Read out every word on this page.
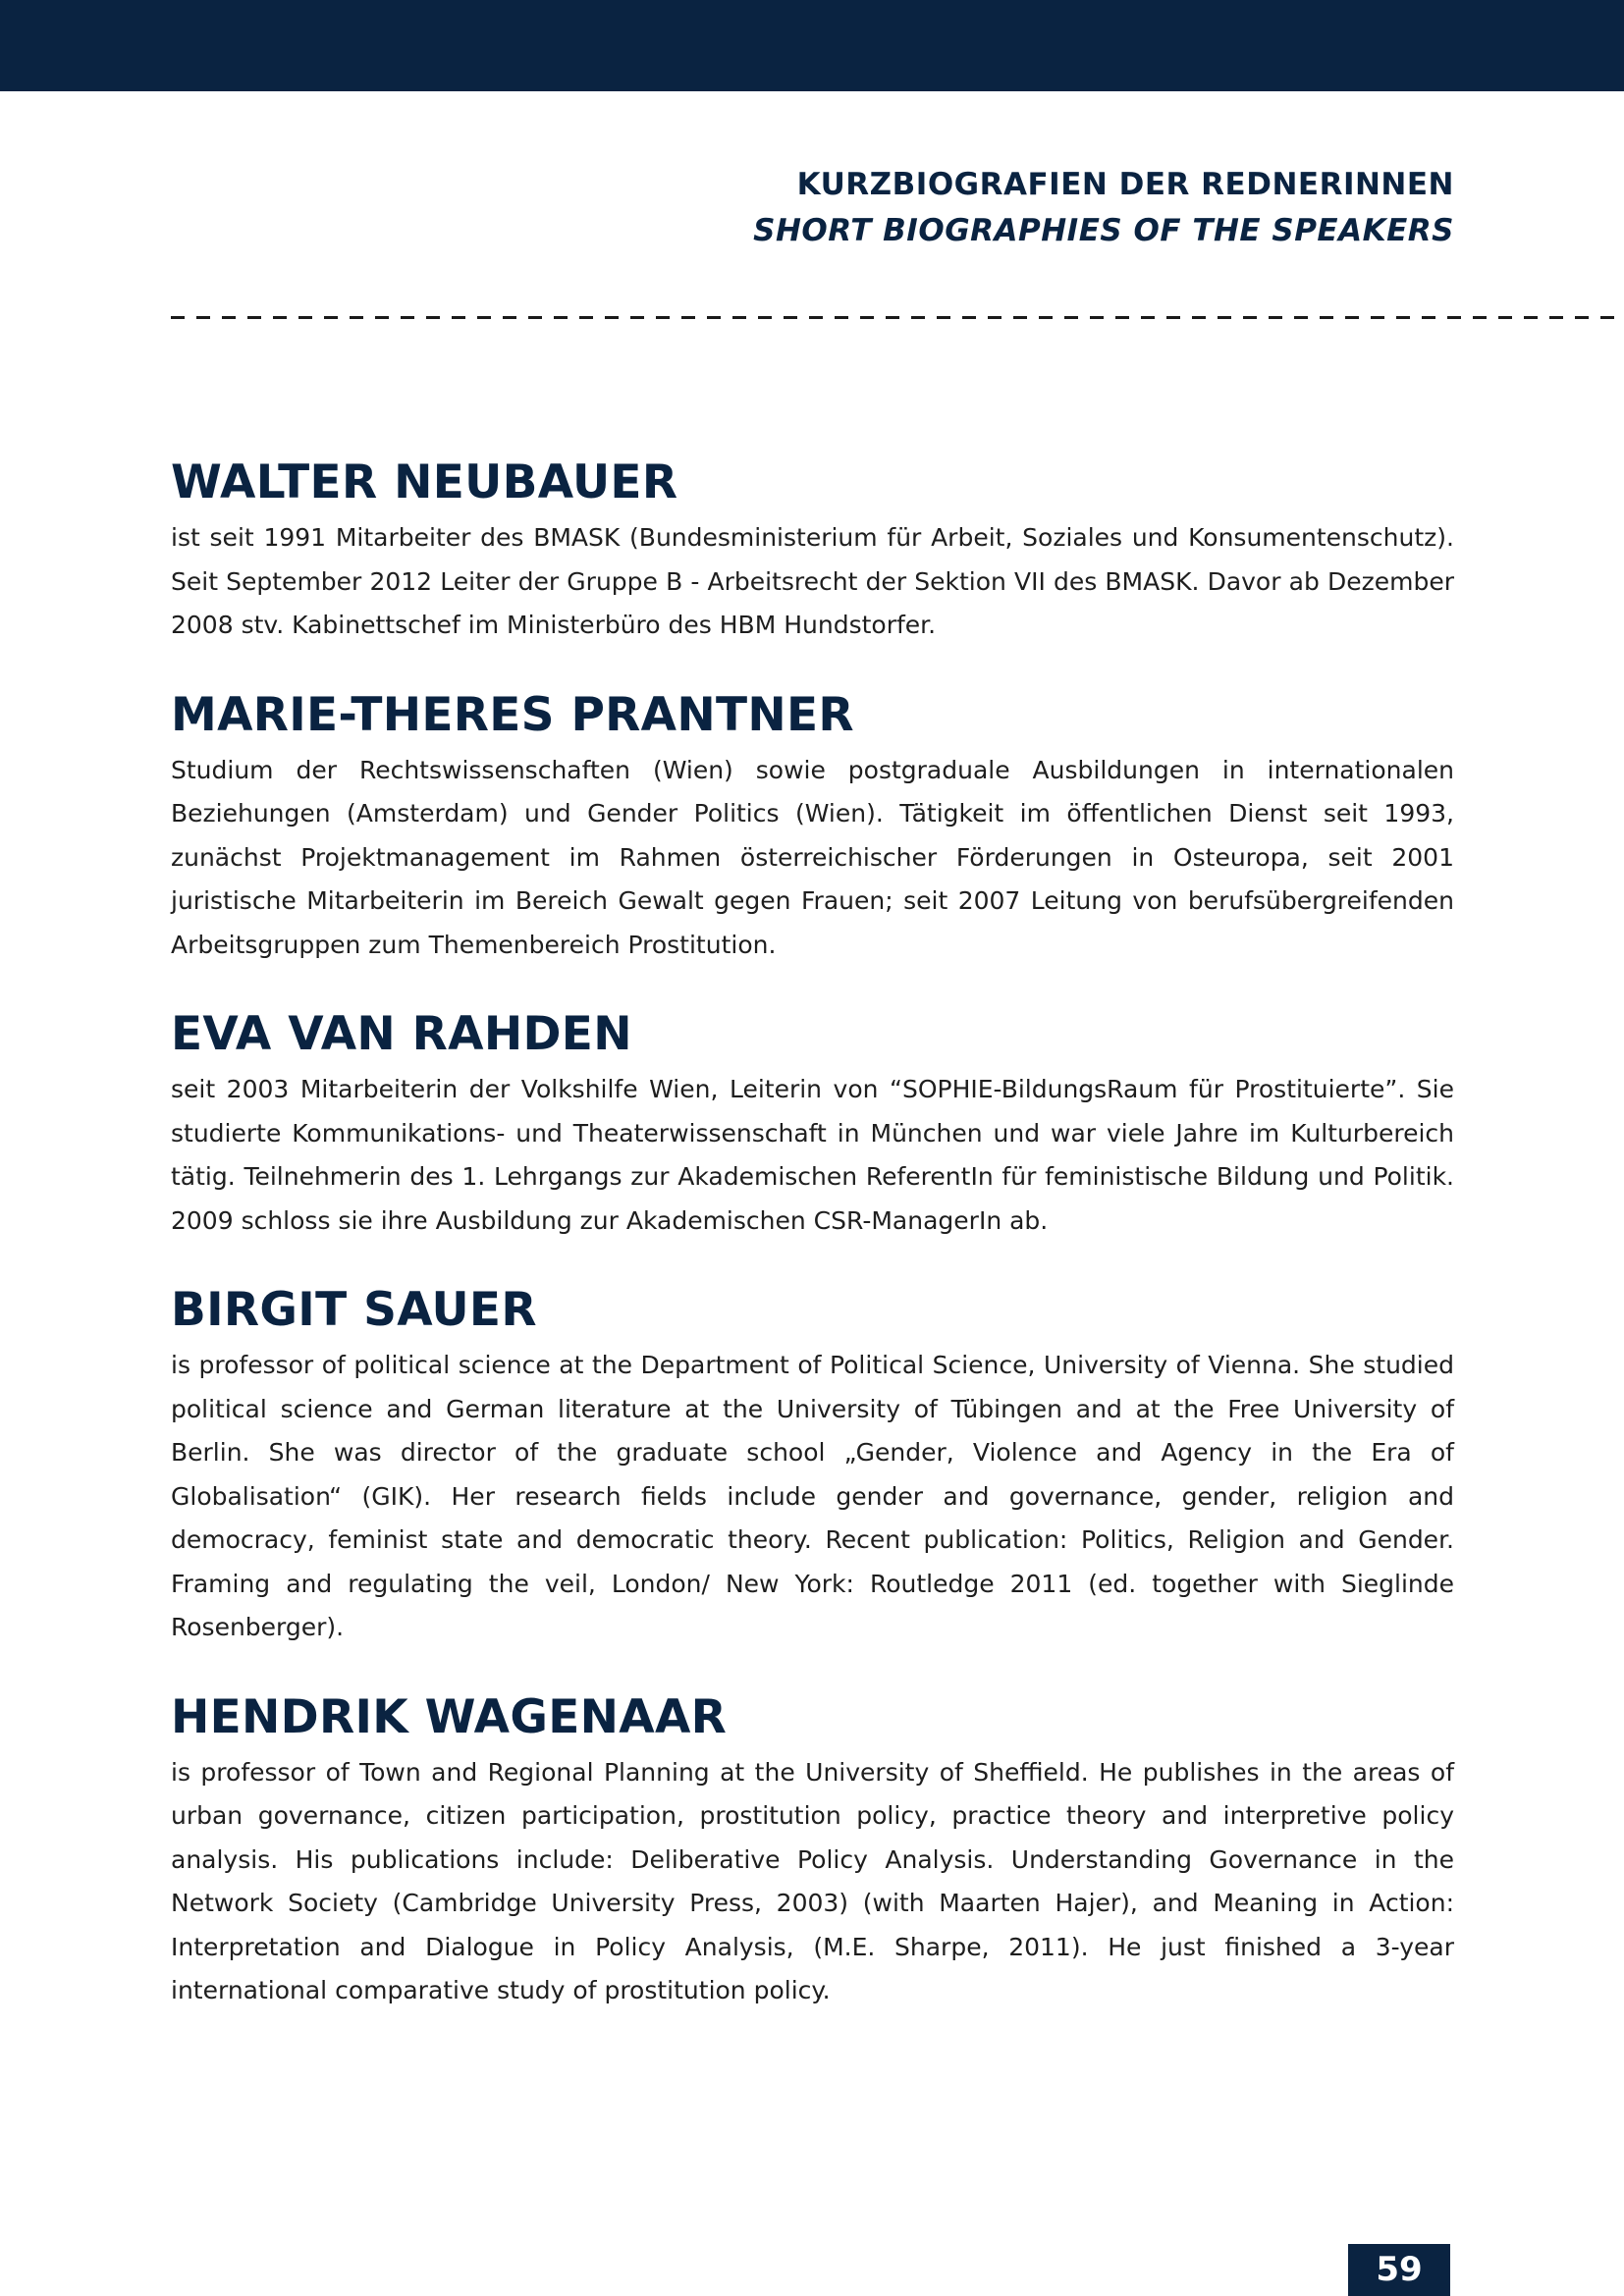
KURZBIOGRAFIEN DER REDNERINNEN
SHORT BIOGRAPHIES OF THE SPEAKERS
WALTER NEUBAUER

ist seit 1991 Mitarbeiter des BMASK (Bundesministerium für Arbeit, Soziales und Konsumentenschutz). Seit September 2012 Leiter der Gruppe B - Arbeitsrecht der Sektion VII des BMASK. Davor ab Dezember 2008 stv. Kabinettschef im Ministerbüro des HBM Hundstorfer.

MARIE-THERES PRANTNER

Studium der Rechtswissenschaften (Wien) sowie postgraduale Ausbildungen in internationalen Beziehungen (Amsterdam) und Gender Politics (Wien). Tätigkeit im öffentlichen Dienst seit 1993, zunächst Projektmanagement im Rahmen österreichischer Förderungen in Osteuropa, seit 2001 juristische Mitarbeiterin im Bereich Gewalt gegen Frauen; seit 2007 Leitung von berufsübergreifenden Arbeitsgruppen zum Themenbereich Prostitution.

EVA VAN RAHDEN

seit 2003 Mitarbeiterin der Volkshilfe Wien, Leiterin von “SOPHIE-BildungsRaum für Prostituierte”. Sie studierte Kommunikations- und Theaterwissenschaft in München und war viele Jahre im Kulturbereich tätig. Teilnehmerin des 1. Lehrgangs zur Akademischen ReferentIn für feministische Bildung und Politik. 2009 schloss sie ihre Ausbildung zur Akademischen CSR-ManagerIn ab.

BIRGIT SAUER

is professor of political science at the Department of Political Science, University of Vienna. She studied political science and German literature at the University of Tübingen and at the Free University of Berlin. She was director of the graduate school „Gender, Violence and Agency in the Era of Globalisation“ (GIK). Her research fields include gender and governance, gender, religion and democracy, feminist state and democratic theory. Recent publication: Politics, Religion and Gender. Framing and regulating the veil, London/ New York: Routledge 2011 (ed. together with Sieglinde Rosenberger).

HENDRIK WAGENAAR

is professor of Town and Regional Planning at the University of Sheffield. He publishes in the areas of urban governance, citizen participation, prostitution policy, practice theory and interpretive policy analysis. His publications include: Deliberative Policy Analysis. Understanding Governance in the Network Society (Cambridge University Press, 2003) (with Maarten Hajer), and Meaning in Action: Interpretation and Dialogue in Policy Analysis, (M.E. Sharpe, 2011). He just finished a 3-year international comparative study of prostitution policy.

59
